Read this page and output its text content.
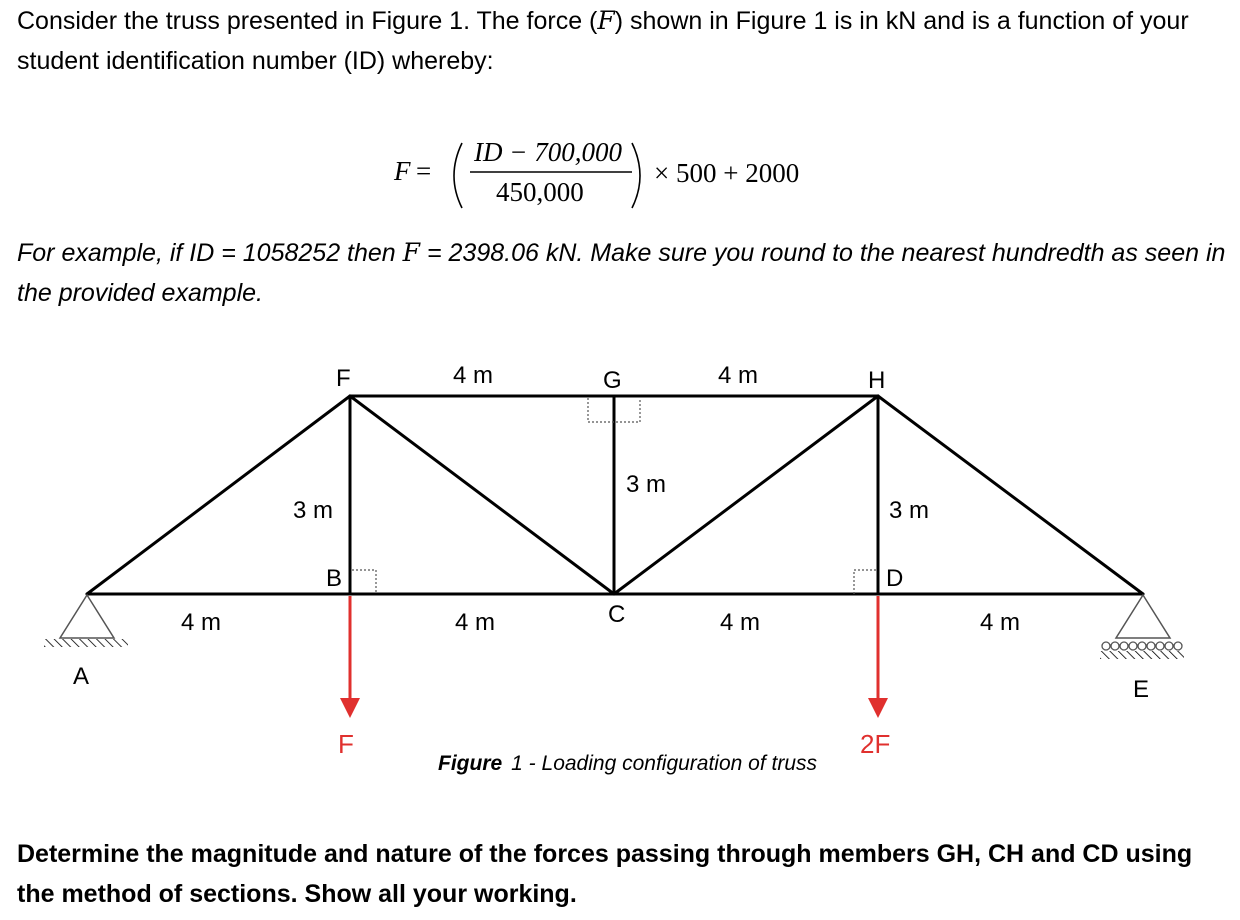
Consider the truss presented in Figure 1. The force (F) shown in Figure 1 is in kN and is a function of your student identification number (ID) whereby:

For example, if ID = 1058252 then F = 2398.06 kN. Make sure you round to the nearest hundredth as seen in the provided example.

Determine the magnitude and nature of the forces passing through members GH, CH and CD using the method of sections. Show all your working.

F =
ID − 700,000
450,000
× 500 + 2000
F	G	H
B
C
D
A	E
4 m	4 m
3 m
3 m
3 m
4 m	4 m	4 m	4 m
F	2F
Figure 1 - Loading configuration of truss
